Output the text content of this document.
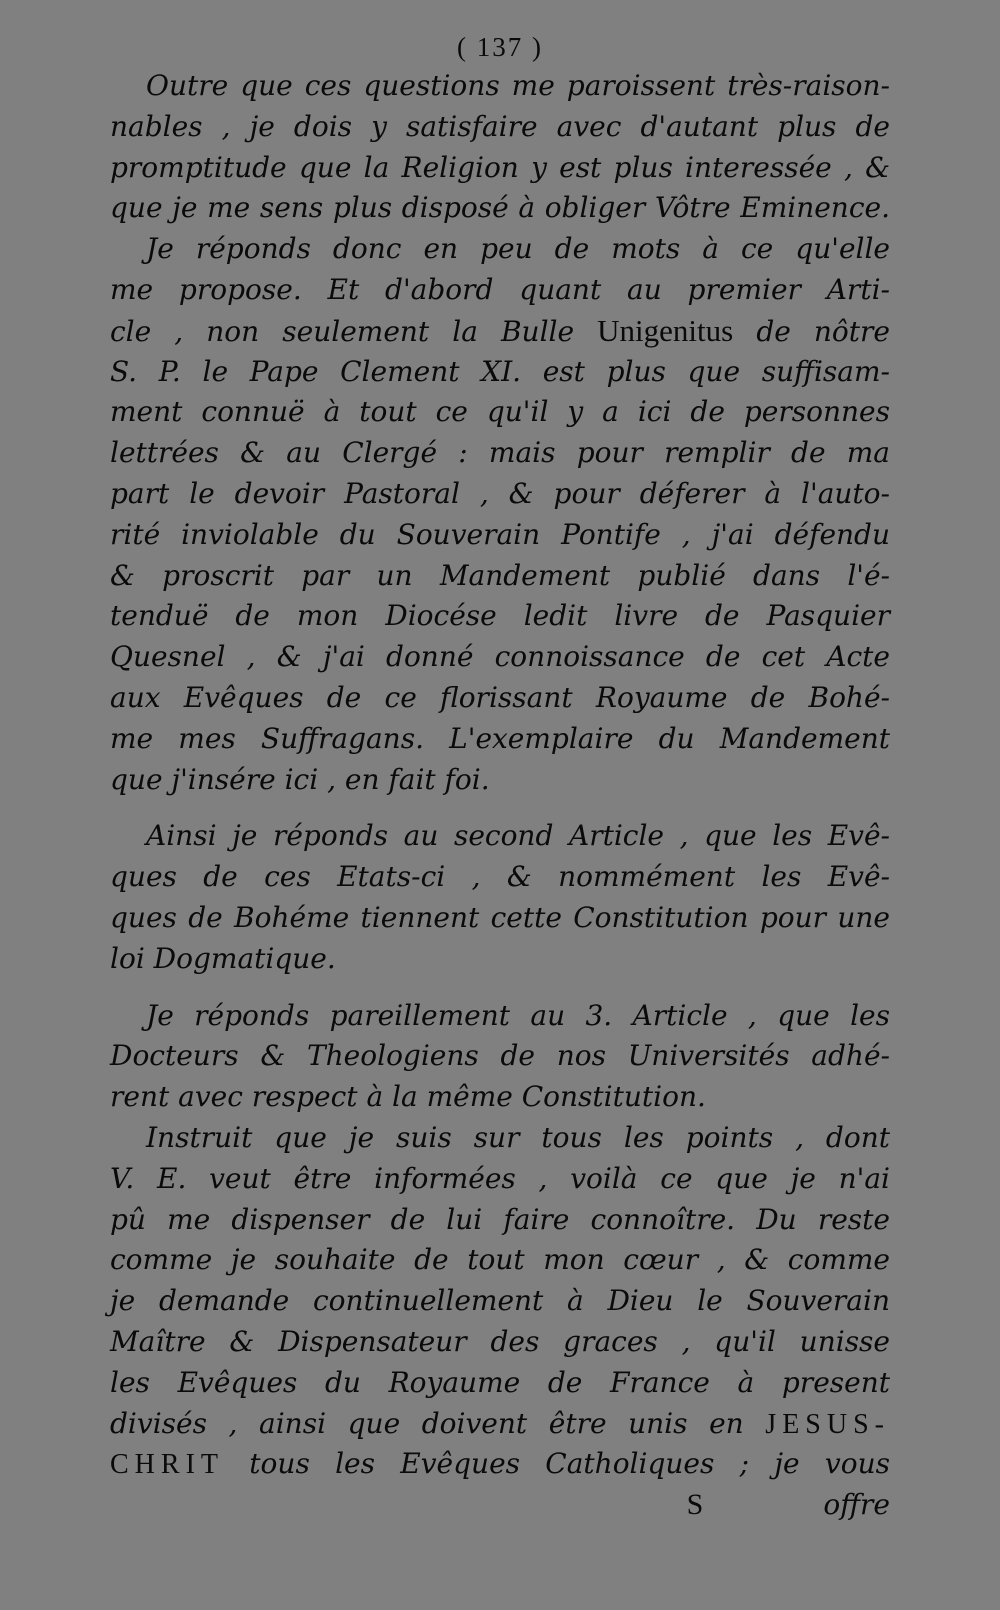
( 137 )
Outre que ces questions me paroissent très-raison-
nables , je dois y satisfaire avec d'autant plus de
promptitude que la Religion y est plus interessée , &
que je me sens plus disposé à obliger Vôtre Eminence.
Je réponds donc en peu de mots à ce qu'elle
me propose. Et d'abord quant au premier Arti-
cle , non seulement la Bulle Unigenitus de nôtre
S. P. le Pape Clement XI. est plus que suffisam-
ment connuë à tout ce qu'il y a ici de personnes
lettrées & au Clergé : mais pour remplir de ma
part le devoir Pastoral , & pour déferer à l'auto-
rité inviolable du Souverain Pontife , j'ai défendu
& proscrit par un Mandement publié dans l'é-
tenduë de mon Diocése ledit livre de Pasquier
Quesnel , & j'ai donné connoissance de cet Acte
aux Evêques de ce florissant Royaume de Bohé-
me mes Suffragans. L'exemplaire du Mandement
que j'insére ici , en fait foi.
Ainsi je réponds au second Article , que les Evê-
ques de ces Etats-ci , & nommément les Evê-
ques de Bohéme tiennent cette Constitution pour une
loi Dogmatique.
Je réponds pareillement au 3. Article , que les
Docteurs & Theologiens de nos Universités adhé-
rent avec respect à la même Constitution.
Instruit que je suis sur tous les points , dont
V. E. veut être informées , voilà ce que je n'ai
pû me dispenser de lui faire connoître. Du reste
comme je souhaite de tout mon cœur , & comme
je demande continuellement à Dieu le Souverain
Maître & Dispensateur des graces , qu'il unisse
les Evêques du Royaume de France à present
divisés , ainsi que doivent être unis en JESUS-
CHRIT tous les Evêques Catholiques ; je vous
S	offre
